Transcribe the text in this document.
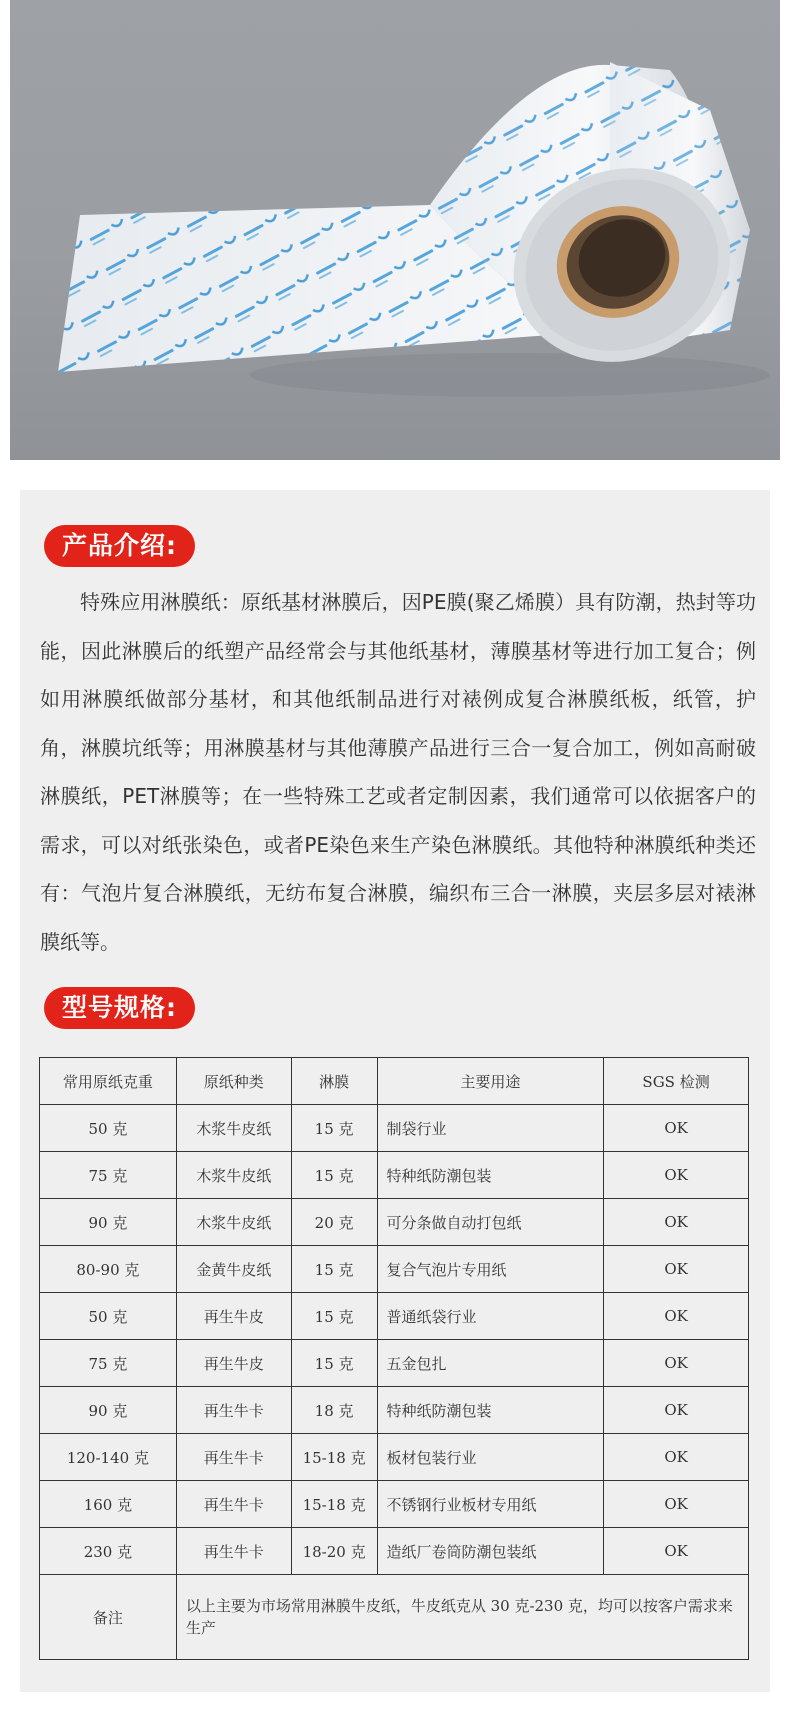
产品介绍:

特殊应用淋膜纸：原纸基材淋膜后，因PE膜(聚乙烯膜）具有防潮，热封等功能，因此淋膜后的纸塑产品经常会与其他纸基材，薄膜基材等进行加工复合；例如用淋膜纸做部分基材，和其他纸制品进行对裱例成复合淋膜纸板，纸管，护角，淋膜坑纸等；用淋膜基材与其他薄膜产品进行三合一复合加工，例如高耐破淋膜纸，PET淋膜等；在一些特殊工艺或者定制因素，我们通常可以依据客户的需求，可以对纸张染色，或者PE染色来生产染色淋膜纸。其他特种淋膜纸种类还有：气泡片复合淋膜纸，无纺布复合淋膜，编织布三合一淋膜，夹层多层对裱淋膜纸等。

型号规格:
常用原纸克重	原纸种类	淋膜	主要用途	SGS 检测
50 克	木浆牛皮纸	15 克	制袋行业	OK
75 克	木浆牛皮纸	15 克	特种纸防潮包装	OK
90 克	木浆牛皮纸	20 克	可分条做自动打包纸	OK
80-90 克	金黄牛皮纸	15 克	复合气泡片专用纸	OK
50 克	再生牛皮	15 克	普通纸袋行业	OK
75 克	再生牛皮	15 克	五金包扎	OK
90 克	再生牛卡	18 克	特种纸防潮包装	OK
120-140 克	再生牛卡	15-18 克	板材包装行业	OK
160 克	再生牛卡	15-18 克	不锈钢行业板材专用纸	OK
230 克	再生牛卡	18-20 克	造纸厂卷筒防潮包装纸	OK
备注	以上主要为市场常用淋膜牛皮纸，牛皮纸克从 30 克-230 克，均可以按客户需求来生产			
